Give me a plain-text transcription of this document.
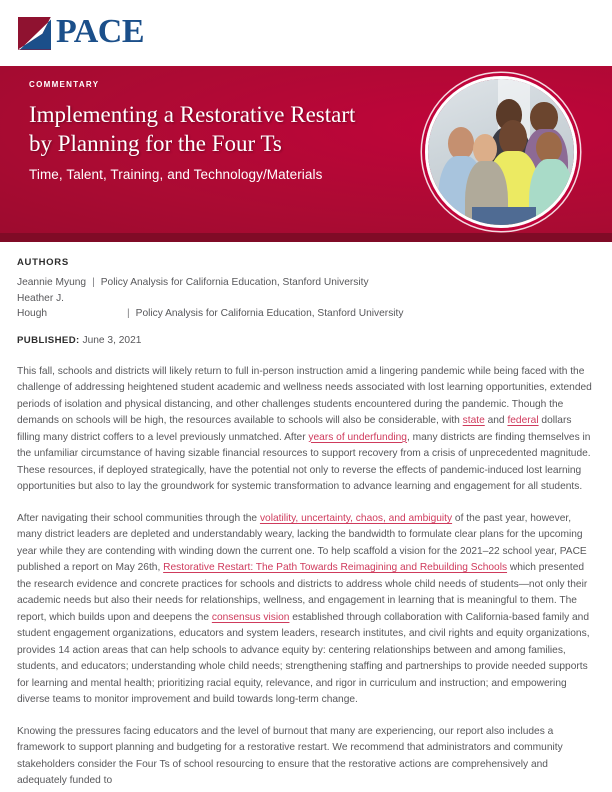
PACE
COMMENTARY
Implementing a Restorative Restart by Planning for the Four Ts
Time, Talent, Training, and Technology/Materials
AUTHORS
Jeannie Myung | Policy Analysis for California Education, Stanford University
Heather J.
Hough	| Policy Analysis for California Education, Stanford University
PUBLISHED: June 3, 2021

This fall, schools and districts will likely return to full in-person instruction amid a lingering pandemic while being faced with the challenge of addressing heightened student academic and wellness needs associated with lost learning opportunities, extended periods of isolation and physical distancing, and other challenges students encountered during the pandemic. Though the demands on schools will be high, the resources available to schools will also be considerable, with state and federal dollars filling many district coffers to a level previously unmatched. After years of underfunding, many districts are finding themselves in the unfamiliar circumstance of having sizable financial resources to support recovery from a crisis of unprecedented magnitude. These resources, if deployed strategically, have the potential not only to reverse the effects of pandemic-induced lost learning opportunities but also to lay the groundwork for systemic transformation to advance learning and engagement for all students.

After navigating their school communities through the volatility, uncertainty, chaos, and ambiguity of the past year, however, many district leaders are depleted and understandably weary, lacking the bandwidth to formulate clear plans for the upcoming year while they are contending with winding down the current one. To help scaffold a vision for the 2021–22 school year, PACE published a report on May 26th, Restorative Restart: The Path Towards Reimagining and Rebuilding Schools which presented the research evidence and concrete practices for schools and districts to address whole child needs of students—not only their academic needs but also their needs for relationships, wellness, and engagement in learning that is meaningful to them. The report, which builds upon and deepens the consensus vision established through collaboration with California-based family and student engagement organizations, educators and system leaders, research institutes, and civil rights and equity organizations, provides 14 action areas that can help schools to advance equity by: centering relationships between and among families, students, and educators; understanding whole child needs; strengthening staffing and partnerships to provide needed supports for learning and mental health; prioritizing racial equity, relevance, and rigor in curriculum and instruction; and empowering diverse teams to monitor improvement and build towards long-term change.

Knowing the pressures facing educators and the level of burnout that many are experiencing, our report also includes a framework to support planning and budgeting for a restorative restart. We recommend that administrators and community stakeholders consider the Four Ts of school resourcing to ensure that the restorative actions are comprehensively and adequately funded to
